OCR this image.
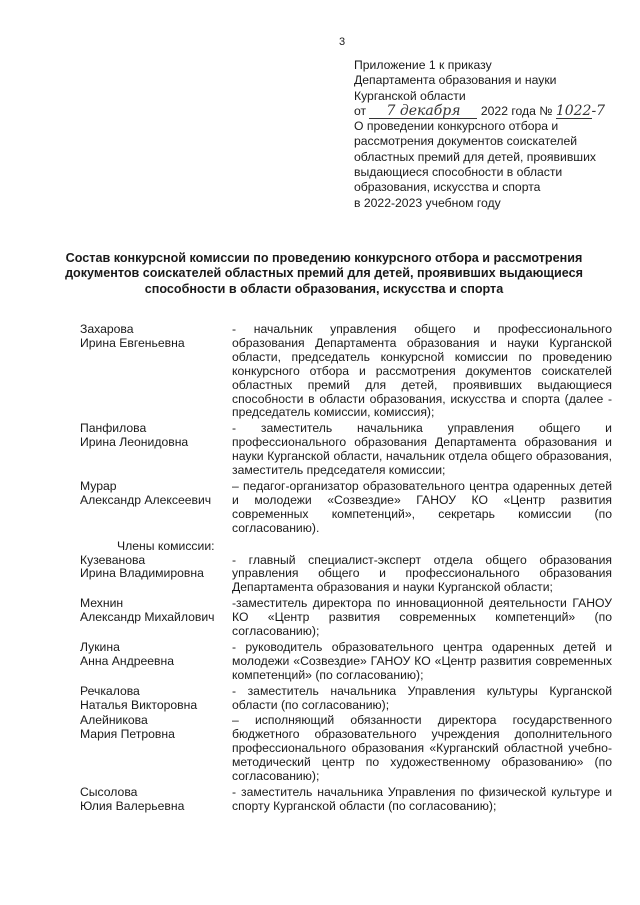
3
Приложение 1 к приказу
Департамента образования и науки
Курганской области
от 7 декабря 2022 года № 1022-7
О проведении конкурсного отбора и
рассмотрения документов соискателей
областных премий для детей, проявивших
выдающиеся способности в области
образования, искусства и спорта
в 2022-2023 учебном году
Состав конкурсной комиссии по проведению конкурсного отбора и рассмотрения документов соискателей областных премий для детей, проявивших выдающиеся способности в области образования, искусства и спорта
Захарова
Ирина Евгеньевна
- начальник управления общего и профессионального образования Департамента образования и науки Курганской области, председатель конкурсной комиссии по проведению конкурсного отбора и рассмотрения документов соискателей областных премий для детей, проявивших выдающиеся способности в области образования, искусства и спорта (далее - председатель комиссии, комиссия);
Панфилова
Ирина Леонидовна
- заместитель начальника управления общего и профессионального образования Департамента образования и науки Курганской области, начальник отдела общего образования, заместитель председателя комиссии;
Мурар
Александр Алексеевич
– педагог-организатор образовательного центра одаренных детей и молодежи «Созвездие» ГАНОУ КО «Центр развития современных компетенций», секретарь комиссии (по согласованию).
Члены комиссии:
Кузеванова
Ирина Владимировна
- главный специалист-эксперт отдела общего образования управления общего и профессионального образования Департамента образования и науки Курганской области;
Мехнин
Александр Михайлович
-заместитель директора по инновационной деятельности ГАНОУ КО «Центр развития современных компетенций» (по согласованию);
Лукина
Анна Андреевна
- руководитель образовательного центра одаренных детей и молодежи «Созвездие» ГАНОУ КО «Центр развития современных компетенций» (по согласованию);
Речкалова
Наталья Викторовна
- заместитель начальника Управления культуры Курганской области (по согласованию);
Алейникова
Мария Петровна
– исполняющий обязанности директора государственного бюджетного образовательного учреждения дополнительного профессионального образования «Курганский областной учебно-методический центр по художественному образованию» (по согласованию);
Сысолова
Юлия Валерьевна
- заместитель начальника Управления по физической культуре и спорту Курганской области (по согласованию);
